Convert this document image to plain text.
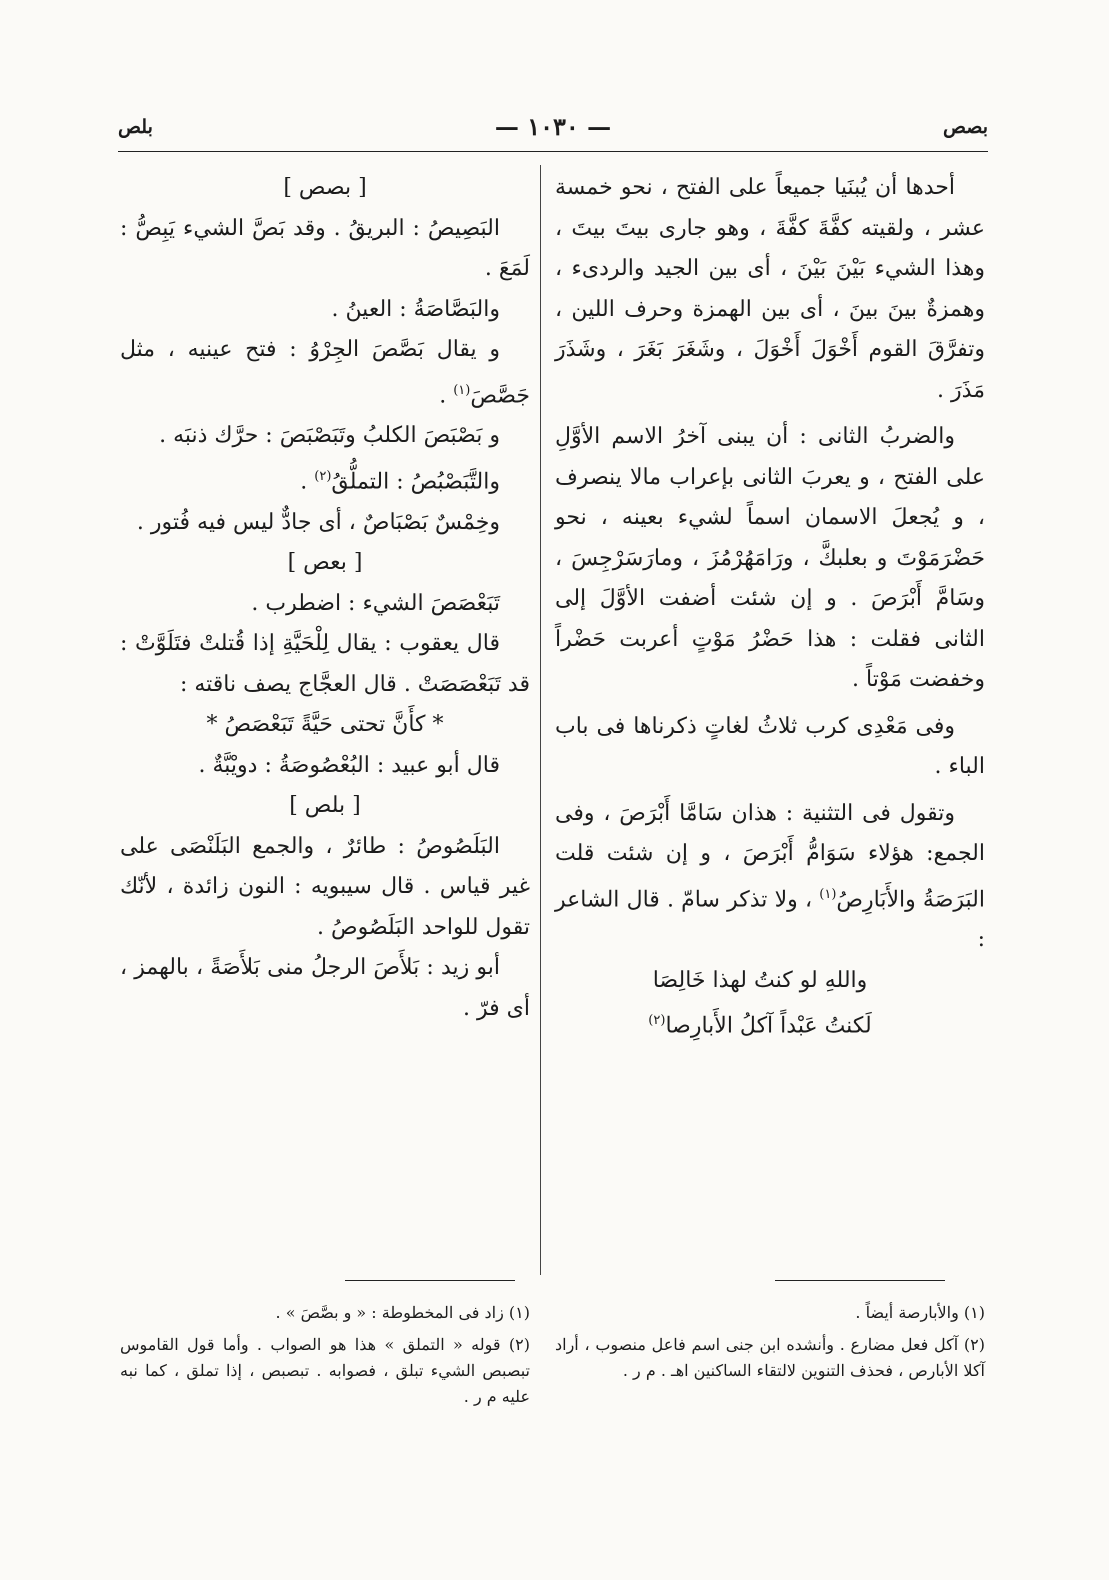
بصص
— ١٠٣٠ —
بلص

أحدها أن يُبنَيا جميعاً على الفتح ، نحو خمسة عشر ، ولقيته كفَّةَ كفَّةَ ، وهو جارى بيتَ بيتَ ، وهذا الشيء بَيْنَ بَيْنَ ، أى بين الجيد والردىء ، وهمزةٌ بينَ بينَ ، أى بين الهمزة وحرف اللين ، وتفرَّقَ القوم أَخْوَلَ أَخْوَلَ ، وشَغَرَ بَغَرَ ، وشَذَرَ مَذَرَ .

والضربُ الثانى : أن يبنى آخرُ الاسم الأوَّلِ على الفتح ، و يعربَ الثانى بإعراب مالا ينصرف ، و يُجعلَ الاسمان اسماً لشيء بعينه ، نحو حَضْرَمَوْتَ و بعلبكَّ ، ورَامَهُرْمُزَ ، ومارَسَرْجِسَ ، وسَامَّ أَبْرَصَ . و إن شئت أضفت الأوَّلَ إلى الثانى فقلت : هذا حَضْرُ مَوْتٍ أعربت حَضْراً وخفضت مَوْتاً .

وفى مَعْدِى كرب ثلاثُ لغاتٍ ذكرناها فى باب الباء .

وتقول فى التثنية : هذان سَامَّا أَبْرَصَ ، وفى الجمع: هؤلاء سَوَامُّ أَبْرَصَ ، و إن شئت قلت البَرَصَةُ والأَبَارِصُ$^{(١)}$ ، ولا تذكر سامّ . قال الشاعر :

واللهِ لو كنتُ لهذا خَالِصَا

لَكنتُ عَبْداً آكلُ الأَبارِصا$^{(٢)}$

[ بصص ]

البَصِيصُ : البريقُ . وقد بَصَّ الشيء يَبِصُّ : لَمَعَ .

والبَصَّاصَةُ : العينُ .

و يقال بَصَّصَ الجِرْوُ : فتح عينيه ، مثل جَصَّصَ$^{(١)}$ .

و بَصْبَصَ الكلبُ وتَبَصْبَصَ : حرَّك ذنبَه .

والتَّبَصْبُصُ : التملُّقُ$^{(٢)}$ .

وخِمْسٌ بَصْبَاصٌ ، أى جادٌّ ليس فيه فُتور .

[ بعص ]

تَبَعْصَصَ الشيء : اضطرب .

قال يعقوب : يقال لِلْحَيَّةِ إذا قُتلتْ فتَلَوَّتْ : قد تَبَعْصَصَتْ . قال العجَّاج يصف ناقته :

* كأَنَّ تحتى حَيَّةً تَبَعْصَصُ *

قال أبو عبيد : البُعْصُوصَةُ : دويْبَّةٌ .

[ بلص ]

البَلَصُوصُ : طائرٌ ، والجمع البَلَنْصَى على غير قياس . قال سيبويه : النون زائدة ، لأنّك تقول للواحد البَلَصُوصُ .

أبو زيد : بَلأَصَ الرجلُ منى بَلأَصَةً ، بالهمز ، أى فرّ .

(١) والأبارصة أيضاً .

(٢) آكل فعل مضارع . وأنشده ابن جنى اسم فاعل منصوب ، أراد آكلا الأبارص ، فحذف التنوين لالتقاء الساكنين اهـ . م ر .

(١) زاد فى المخطوطة : « و بصَّصَ » .

(٢) قوله « التملق » هذا هو الصواب . وأما قول القاموس تبصبص الشيء تبلق ، فصوابه . تبصبص ، إذا تملق ، كما نبه عليه م ر .
